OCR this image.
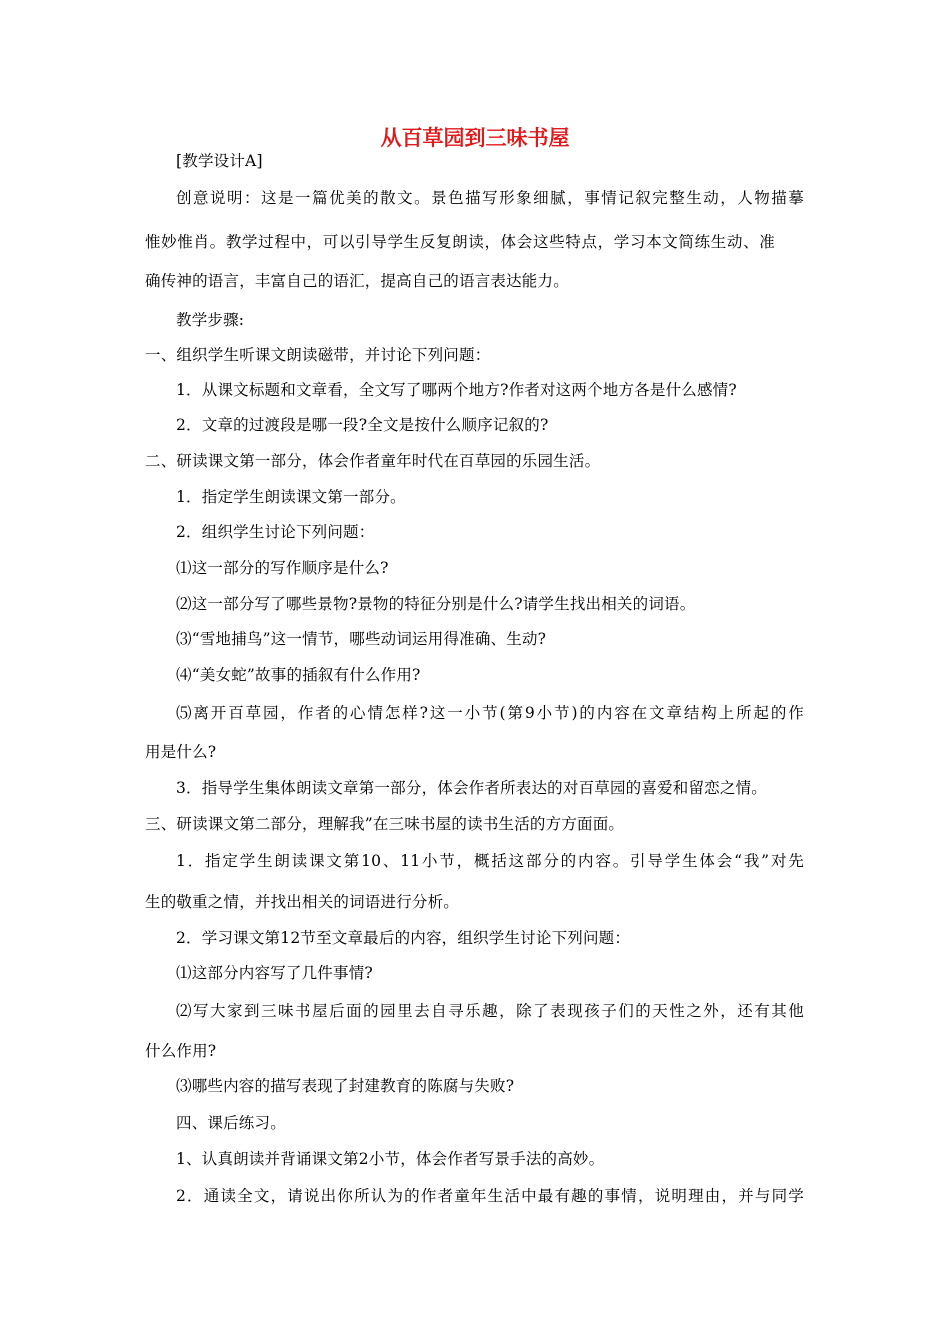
从百草园到三味书屋
[教学设计A]
创意说明：这是一篇优美的散文。景色描写形象细腻，事情记叙完整生动，人物描摹
惟妙惟肖。教学过程中，可以引导学生反复朗读，体会这些特点，学习本文简练生动、准
确传神的语言，丰富自己的语汇，提高自己的语言表达能力。
教学步骤:
一、组织学生听课文朗读磁带，并讨论下列问题：
1．从课文标题和文章看，全文写了哪两个地方?作者对这两个地方各是什么感情?
2．文章的过渡段是哪一段?全文是按什么顺序记叙的?
二、研读课文第一部分，体会作者童年时代在百草园的乐园生活。
1．指定学生朗读课文第一部分。
2．组织学生讨论下列问题：
⑴这一部分的写作顺序是什么?
⑵这一部分写了哪些景物?景物的特征分别是什么?请学生找出相关的词语。
⑶“雪地捕鸟”这一情节，哪些动词运用得准确、生动?
⑷“美女蛇”故事的插叙有什么作用?
⑸离开百草园，作者的心情怎样?这一小节(第9小节)的内容在文章结构上所起的作
用是什么?
3．指导学生集体朗读文章第一部分，体会作者所表达的对百草园的喜爱和留恋之情。
三、研读课文第二部分，理解我”在三味书屋的读书生活的方方面面。
1．指定学生朗读课文第10、11小节，概括这部分的内容。引导学生体会“我”对先
生的敬重之情，并找出相关的词语进行分析。
2．学习课文第12节至文章最后的内容，组织学生讨论下列问题：
⑴这部分内容写了几件事情?
⑵写大家到三味书屋后面的园里去自寻乐趣，除了表现孩子们的天性之外，还有其他
什么作用?
⑶哪些内容的描写表现了封建教育的陈腐与失败?
四、课后练习。
1、认真朗读并背诵课文第2小节，体会作者写景手法的高妙。
2．通读全文，请说出你所认为的作者童年生活中最有趣的事情，说明理由，并与同学
